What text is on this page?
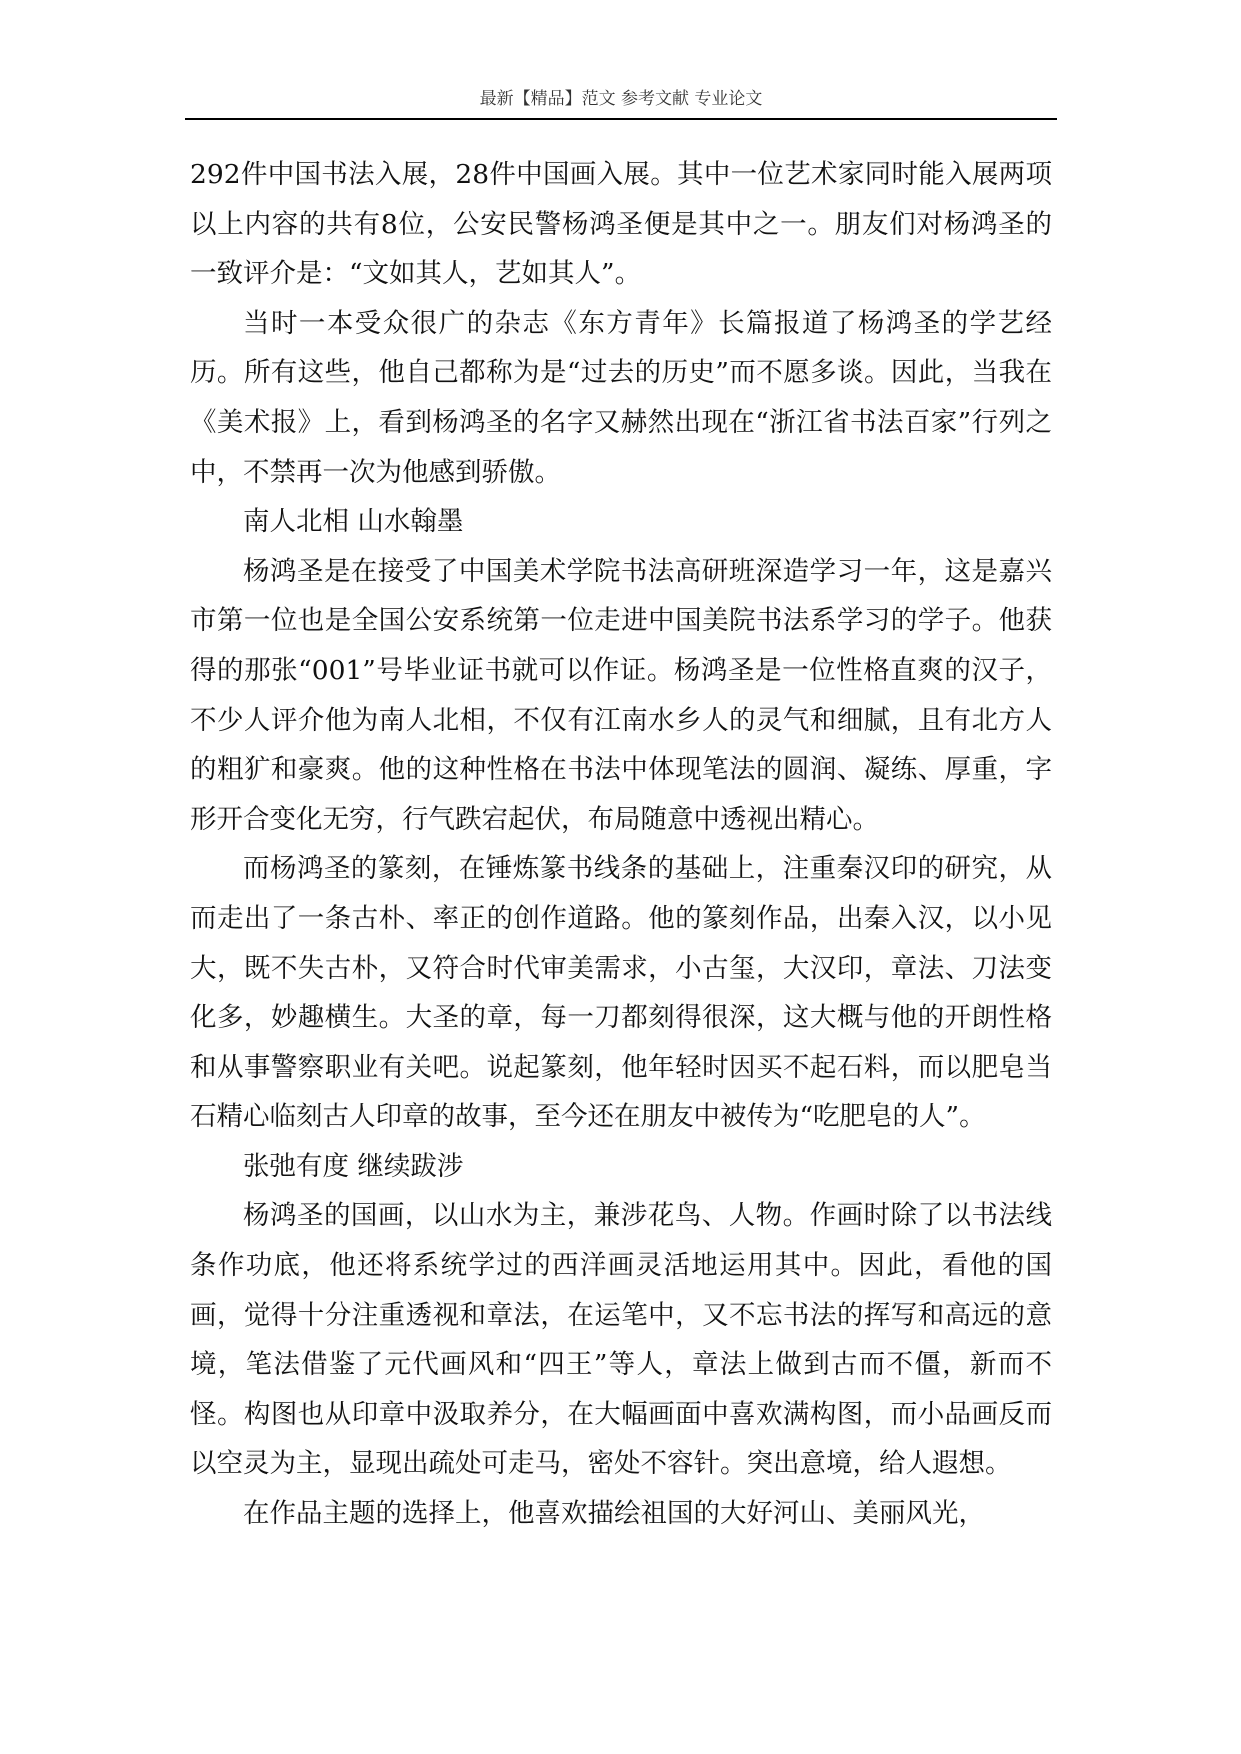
最新【精品】范文 参考文献 专业论文

292件中国书法入展，28件中国画入展。其中一位艺术家同时能入展两项以上内容的共有8位，公安民警杨鸿圣便是其中之一。朋友们对杨鸿圣的一致评介是：“文如其人，艺如其人”。

当时一本受众很广的杂志《东方青年》长篇报道了杨鸿圣的学艺经历。所有这些，他自己都称为是“过去的历史”而不愿多谈。因此，当我在《美术报》上，看到杨鸿圣的名字又赫然出现在“浙江省书法百家”行列之中，不禁再一次为他感到骄傲。

南人北相 山水翰墨

杨鸿圣是在接受了中国美术学院书法高研班深造学习一年，这是嘉兴市第一位也是全国公安系统第一位走进中国美院书法系学习的学子。他获得的那张“001”号毕业证书就可以作证。杨鸿圣是一位性格直爽的汉子，不少人评介他为南人北相，不仅有江南水乡人的灵气和细腻，且有北方人的粗犷和豪爽。他的这种性格在书法中体现笔法的圆润、凝练、厚重，字形开合变化无穷，行气跌宕起伏，布局随意中透视出精心。

而杨鸿圣的篆刻，在锤炼篆书线条的基础上，注重秦汉印的研究，从而走出了一条古朴、率正的创作道路。他的篆刻作品，出秦入汉，以小见大，既不失古朴，又符合时代审美需求，小古玺，大汉印，章法、刀法变化多，妙趣横生。大圣的章，每一刀都刻得很深，这大概与他的开朗性格和从事警察职业有关吧。说起篆刻，他年轻时因买不起石料，而以肥皂当石精心临刻古人印章的故事，至今还在朋友中被传为“吃肥皂的人”。

张弛有度 继续跋涉

杨鸿圣的国画，以山水为主，兼涉花鸟、人物。作画时除了以书法线条作功底，他还将系统学过的西洋画灵活地运用其中。因此，看他的国画，觉得十分注重透视和章法，在运笔中，又不忘书法的挥写和高远的意境，笔法借鉴了元代画风和“四王”等人，章法上做到古而不僵，新而不怪。构图也从印章中汲取养分，在大幅画面中喜欢满构图，而小品画反而以空灵为主，显现出疏处可走马，密处不容针。突出意境，给人遐想。

在作品主题的选择上，他喜欢描绘祖国的大好河山、美丽风光，
